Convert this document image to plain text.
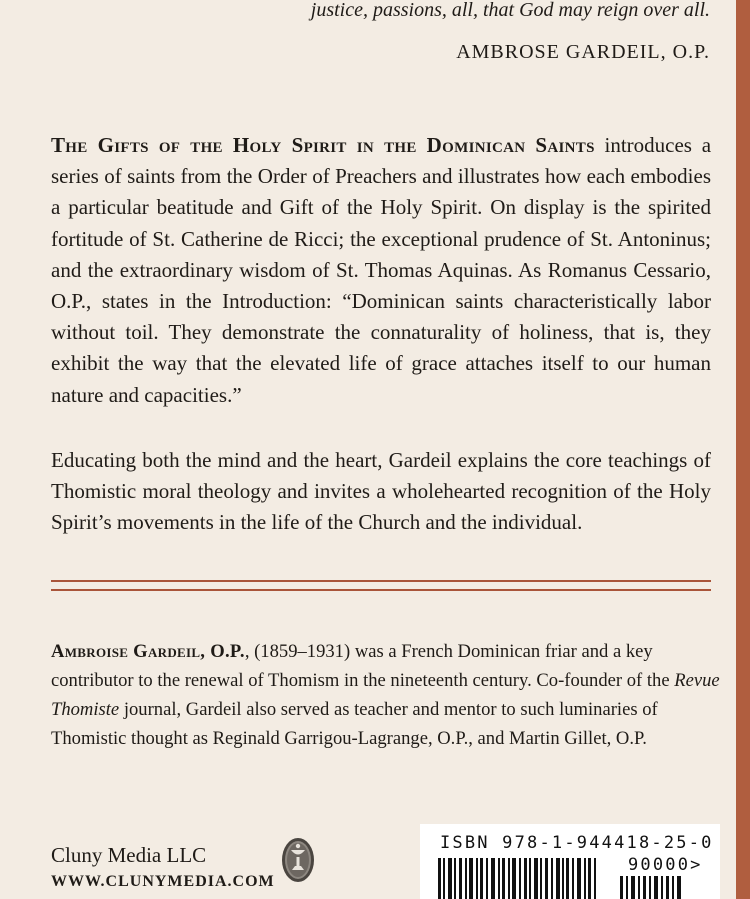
justice, passions, all, that God may reign over all.
AMBROSE GARDEIL, O.P.
The Gifts of the Holy Spirit in the Dominican Saints introduces a series of saints from the Order of Preachers and illustrates how each embodies a particular beatitude and Gift of the Holy Spirit. On display is the spirited fortitude of St. Catherine de Ricci; the exceptional prudence of St. Antoninus; and the extraordinary wisdom of St. Thomas Aquinas. As Romanus Cessario, O.P., states in the Introduction: “Dominican saints characteristically labor without toil. They demonstrate the connaturality of holiness, that is, they exhibit the way that the elevated life of grace attaches itself to our human nature and capacities.”
Educating both the mind and the heart, Gardeil explains the core teachings of Thomistic moral theology and invites a wholehearted recognition of the Holy Spirit’s movements in the life of the Church and the individual.
Ambroise Gardeil, O.P., (1859–1931) was a French Dominican friar and a key contributor to the renewal of Thomism in the nineteenth century. Co-founder of the Revue Thomiste journal, Gardeil also served as teacher and mentor to such luminaries of Thomistic thought as Reginald Garrigou-Lagrange, O.P., and Martin Gillet, O.P.
Cluny Media LLC
WWW.CLUNYMEDIA.COM
ISBN 978-1-944418-25-0
90000>
